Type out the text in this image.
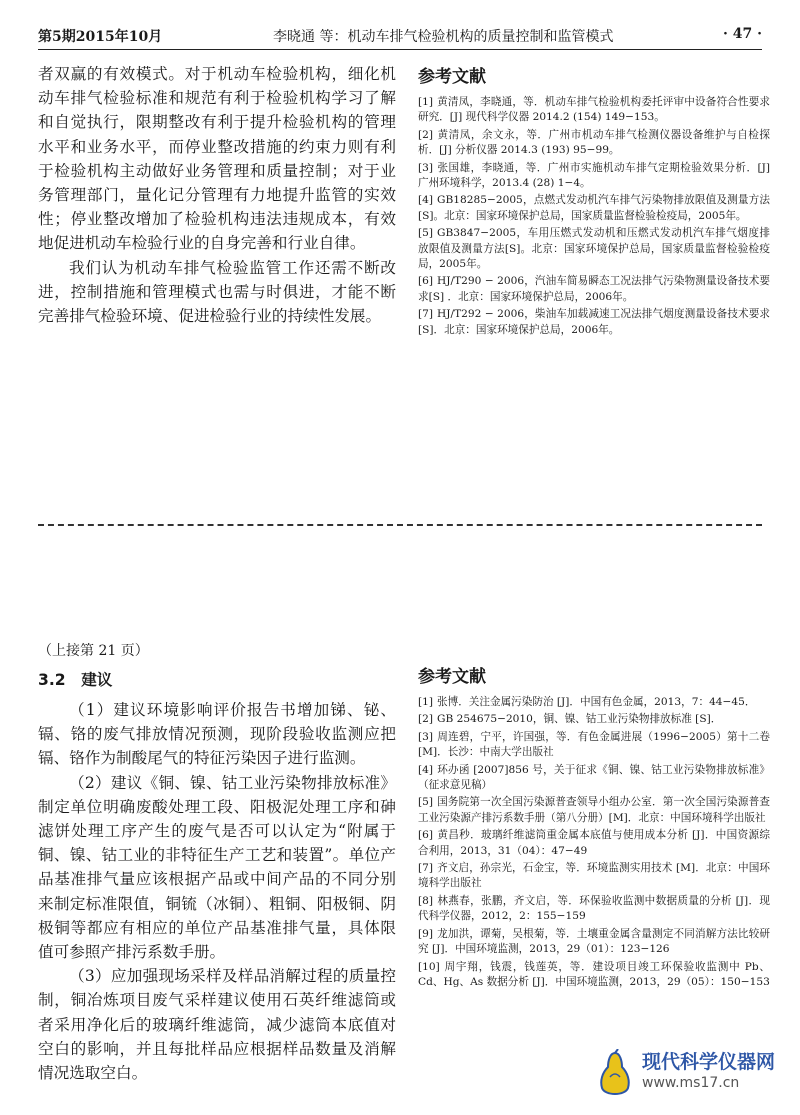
第5期2015年10月	李晓通 等：机动车排气检验机构的质量控制和监管模式	· 47 ·

者双赢的有效模式。对于机动车检验机构，细化机动车排气检验标准和规范有利于检验机构学习了解和自觉执行，限期整改有利于提升检验机构的管理水平和业务水平，而停业整改措施的约束力则有利于检验机构主动做好业务管理和质量控制；对于业务管理部门，量化记分管理有力地提升监管的实效性；停业整改增加了检验机构违法违规成本，有效地促进机动车检验行业的自身完善和行业自律。

我们认为机动车排气检验监管工作还需不断改进，控制措施和管理模式也需与时俱进，才能不断完善排气检验环境、促进检验行业的持续性发展。

参考文献
[1] 黄清凤，李晓通，等．机动车排气检验机构委托评审中设备符合性要求研究．[J] 现代科学仪器 2014.2 (154) 149−153。
[2] 黄清凤，余文永，等．广州市机动车排气检测仪器设备维护与自检探析．[J] 分析仪器 2014.3 (193) 95−99。
[3] 张国雄，李晓通，等．广州市实施机动车排气定期检验效果分析．[J] 广州环境科学，2013.4 (28) 1−4。
[4] GB18285−2005，点燃式发动机汽车排气污染物排放限值及测量方法[S]。北京：国家环境保护总局，国家质量监督检验检疫局，2005年。
[5] GB3847−2005，车用压燃式发动机和压燃式发动机汽车排气烟度排放限值及测量方法[S]。北京：国家环境保护总局，国家质量监督检验检疫局，2005年。
[6] HJ/T290 − 2006，汽油车简易瞬态工况法排气污染物测量设备技术要求[S] ．北京：国家环境保护总局，2006年。
[7] HJ/T292 − 2006，柴油车加载减速工况法排气烟度测量设备技术要求[S]．北京：国家环境保护总局，2006年。
（上接第 21 页）
3.2　建议

（1）建议环境影响评价报告书增加锑、铋、镉、铬的废气排放情况预测，现阶段验收监测应把镉、铬作为制酸尾气的特征污染因子进行监测。

（2）建议《铜、镍、钴工业污染物排放标准》制定单位明确废酸处理工段、阳极泥处理工序和砷滤饼处理工序产生的废气是否可以认定为“附属于铜、镍、钴工业的非特征生产工艺和装置”。单位产品基准排气量应该根据产品或中间产品的不同分别来制定标准限值，铜锍（冰铜）、粗铜、阳极铜、阴极铜等都应有相应的单位产品基准排气量，具体限值可参照产排污系数手册。

（3）应加强现场采样及样品消解过程的质量控制，铜冶炼项目废气采样建议使用石英纤维滤筒或者采用净化后的玻璃纤维滤筒，减少滤筒本底值对空白的影响，并且每批样品应根据样品数量及消解情况选取空白。

参考文献
[1] 张博．关注金属污染防治 [J]．中国有色金属，2013，7：44−45．
[2] GB 254675−2010，铜、镍、钴工业污染物排放标准 [S]．
[3] 周连碧，宁平，许国强，等．有色金属进展（1996−2005）第十二卷 [M]．长沙：中南大学出版社
[4] 环办函 [2007]856 号，关于征求《铜、镍、钴工业污染物排放标准》（征求意见稿）
[5] 国务院第一次全国污染源普查领导小组办公室．第一次全国污染源普查工业污染源产排污系数手册（第八分册）[M]．北京：中国环境科学出版社
[6] 黄昌秒．玻璃纤维滤筒重金属本底值与使用成本分析 [J]．中国资源综合利用，2013，31（04）：47−49
[7] 齐文启，孙宗光，石金宝，等．环境监测实用技术 [M]．北京：中国环境科学出版社
[8] 林燕春，张鹏，齐文启，等．环保验收监测中数据质量的分析 [J]．现代科学仪器，2012，2：155−159
[9] 龙加洪，谭菊，吴根菊，等．土壤重金属含量测定不同消解方法比较研究 [J]．中国环境监测，2013，29（01）：123−126
[10] 周宇翔，钱震，钱莲英，等．建设项目竣工环保验收监测中 Pb、Cd、Hg、As 数据分析 [J]．中国环境监测，2013，29（05）：150−153
现代科学仪器网
www.ms17.cn
